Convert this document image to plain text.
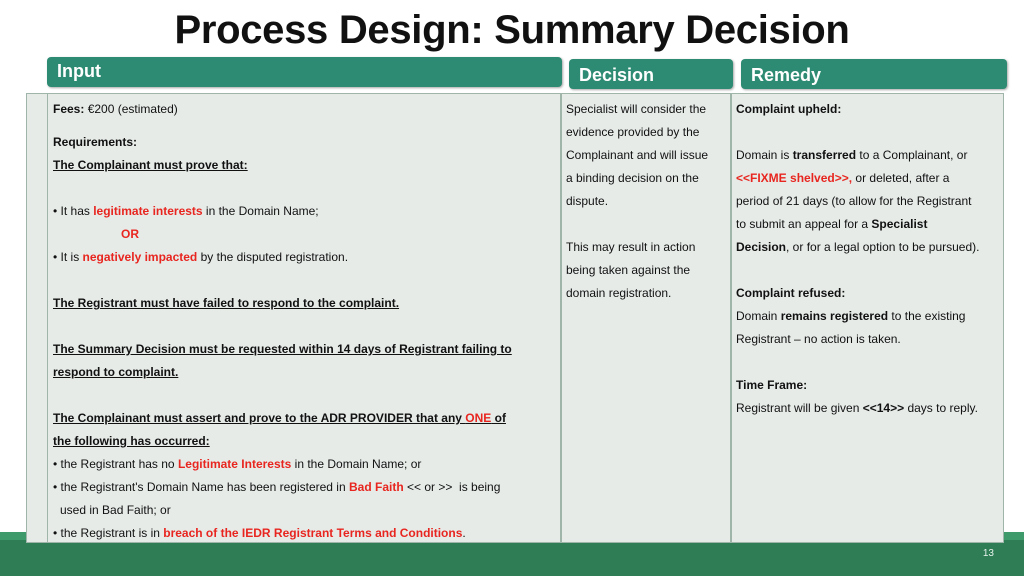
Process Design: Summary Decision
Input	Decision	Remedy
13
Fees: €200 (estimated)
Requirements:
The Complainant must prove that:
• It has legitimate interests in the Domain Name;
OR
• It is negatively impacted by the disputed registration.
The Registrant must have failed to respond to the complaint.
The Summary Decision must be requested within 14 days of Registrant failing to
respond to complaint.
The Complainant must assert and prove to the ADR PROVIDER that any ONE of
the following has occurred:
• the Registrant has no Legitimate Interests in the Domain Name; or
• the Registrant's Domain Name has been registered in Bad Faith << or >>  is being
used in Bad Faith; or
• the Registrant is in breach of the IEDR Registrant Terms and Conditions.
Specialist will consider the
evidence provided by the
Complainant and will issue
a binding decision on the
dispute.
This may result in action
being taken against the
domain registration.
Complaint upheld:
Domain is transferred to a Complainant, or
<<FIXME shelved>>, or deleted, after a
period of 21 days (to allow for the Registrant
to submit an appeal for a Specialist
Decision, or for a legal option to be pursued).
Complaint refused:
Domain remains registered to the existing
Registrant – no action is taken.
Time Frame:
Registrant will be given <<14>> days to reply.
